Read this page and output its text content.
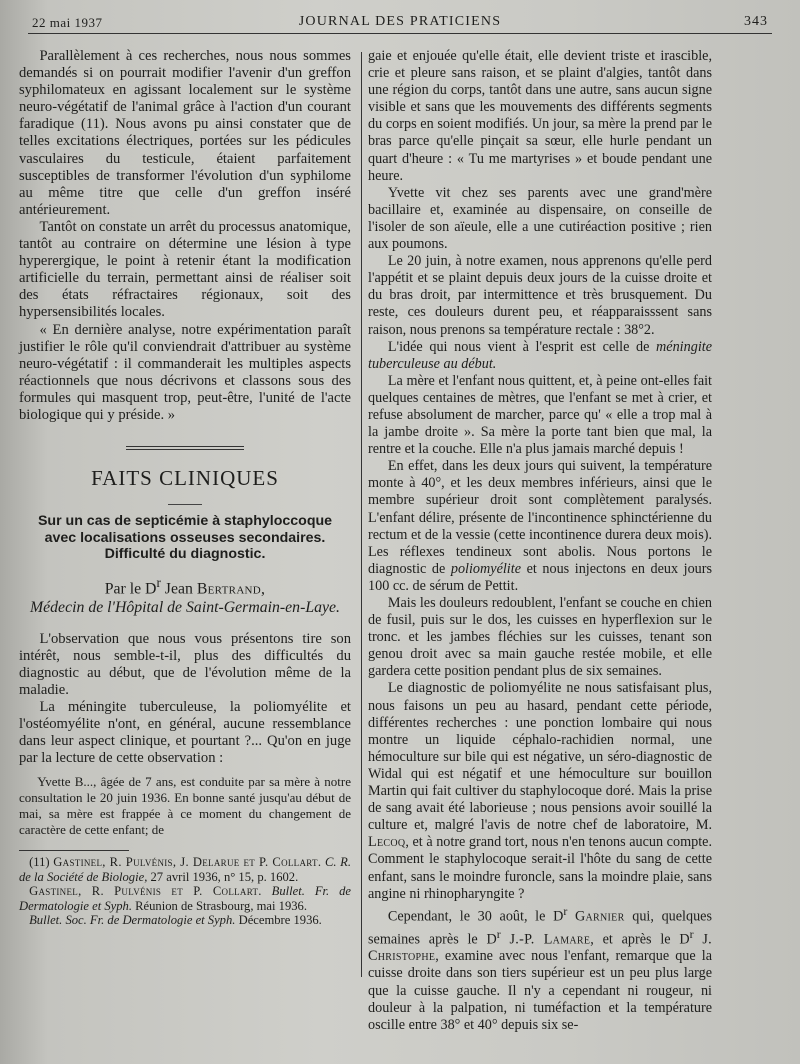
22 mai 1937	JOURNAL DES PRATICIENS	343

Parallèlement à ces recherches, nous nous sommes demandés si on pourrait modifier l'avenir d'un greffon syphilomateux en agissant localement sur le système neuro-végétatif de l'animal grâce à l'action d'un courant faradique (11). Nous avons pu ainsi constater que de telles excitations électriques, portées sur les pédicules vasculaires du testicule, étaient parfaitement susceptibles de transformer l'évolution d'un syphilome au même titre que celle d'un greffon inséré antérieurement.

Tantôt on constate un arrêt du processus anatomique, tantôt au contraire on détermine une lésion à type hyperergique, le point à retenir étant la modification artificielle du terrain, permettant ainsi de réaliser soit des états réfractaires régionaux, soit des hypersensibilités locales.

« En dernière analyse, notre expérimentation paraît justifier le rôle qu'il conviendrait d'attribuer au système neuro-végétatif : il commanderait les multiples aspects réactionnels que nous décrivons et classons sous des formules qui masquent trop, peut-être, l'unité de l'acte biologique qui y préside. »

FAITS CLINIQUES
Sur un cas de septicémie à staphyloccoque
avec localisations osseuses secondaires.
Difficulté du diagnostic.
Par le $D^r$ Jean Bertrand,
Médecin de l'Hôpital de Saint-Germain-en-Laye.

L'observation que nous vous présentons tire son intérêt, nous semble-t-il, plus des difficultés du diagnostic au début, que de l'évolution même de la maladie.

La méningite tuberculeuse, la poliomyélite et l'ostéomyélite n'ont, en général, aucune ressemblance dans leur aspect clinique, et pourtant ?... Qu'on en juge par la lecture de cette observation :

Yvette B..., âgée de 7 ans, est conduite par sa mère à notre consultation le 20 juin 1936. En bonne santé jusqu'au début de mai, sa mère est frappée à ce moment du changement de caractère de cette enfant; de

(11) Gastinel, R. Pulvénis, J. Delarue et P. Collart. C. R. de la Société de Biologie, 27 avril 1936, n° 15, p. 1602.

Gastinel, R. Pulvénis et P. Collart. Bullet. Fr. de Dermatologie et Syph. Réunion de Strasbourg, mai 1936.

Bullet. Soc. Fr. de Dermatologie et Syph. Décembre 1936.

gaie et enjouée qu'elle était, elle devient triste et irascible, crie et pleure sans raison, et se plaint d'algies, tantôt dans une région du corps, tantôt dans une autre, sans aucun signe visible et sans que les mouvements des différents segments du corps en soient modifiés. Un jour, sa mère la prend par le bras parce qu'elle pinçait sa sœur, elle hurle pendant un quart d'heure : « Tu me martyrises » et boude pendant une heure.

Yvette vit chez ses parents avec une grand'mère bacillaire et, examinée au dispensaire, on conseille de l'isoler de son aïeule, elle a une cutiréaction positive ; rien aux poumons.

Le 20 juin, à notre examen, nous apprenons qu'elle perd l'appétit et se plaint depuis deux jours de la cuisse droite et du bras droit, par intermittence et très brusquement. Du reste, ces douleurs durent peu, et réapparaisssent sans raison, nous prenons sa température rectale : 38°2.

L'idée qui nous vient à l'esprit est celle de méningite tuberculeuse au début.

La mère et l'enfant nous quittent, et, à peine ont-elles fait quelques centaines de mètres, que l'enfant se met à crier, et refuse absolument de marcher, parce qu' « elle a trop mal à la jambe droite ». Sa mère la porte tant bien que mal, la rentre et la couche. Elle n'a plus jamais marché depuis !

En effet, dans les deux jours qui suivent, la température monte à 40°, et les deux membres inférieurs, ainsi que le membre supérieur droit sont complètement paralysés. L'enfant délire, présente de l'incontinence sphinctérienne du rectum et de la vessie (cette incontinence durera deux mois). Les réflexes tendineux sont abolis. Nous portons le diagnostic de poliomyélite et nous injectons en deux jours 100 cc. de sérum de Pettit.

Mais les douleurs redoublent, l'enfant se couche en chien de fusil, puis sur le dos, les cuisses en hyperflexion sur le tronc. et les jambes fléchies sur les cuisses, tenant son genou droit avec sa main gauche restée mobile, et elle gardera cette position pendant plus de six semaines.

Le diagnostic de poliomyélite ne nous satisfaisant plus, nous faisons un peu au hasard, pendant cette période, différentes recherches : une ponction lombaire qui nous montre un liquide céphalo-rachidien normal, une hémoculture sur bile qui est négative, un séro-diagnostic de Widal qui est négatif et une hémoculture sur bouillon Martin qui fait cultiver du staphylocoque doré. Mais la prise de sang avait été laborieuse ; nous pensions avoir souillé la culture et, malgré l'avis de notre chef de laboratoire, M. Lecoq, et à notre grand tort, nous n'en tenons aucun compte. Comment le staphylocoque serait-il l'hôte du sang de cette enfant, sans le moindre furoncle, sans la moindre plaie, sans angine ni rhinopharyngite ?

Cependant, le 30 août, le $D^r$ Garnier qui, quelques semaines après le $D^r$ J.-P. Lamare, et après le $D^r$ J. Christophe, examine avec nous l'enfant, remarque que la cuisse droite dans son tiers supérieur est un peu plus large que la cuisse gauche. Il n'y a cependant ni rougeur, ni douleur à la palpation, ni tuméfaction et la température oscille entre 38° et 40° depuis six se-
